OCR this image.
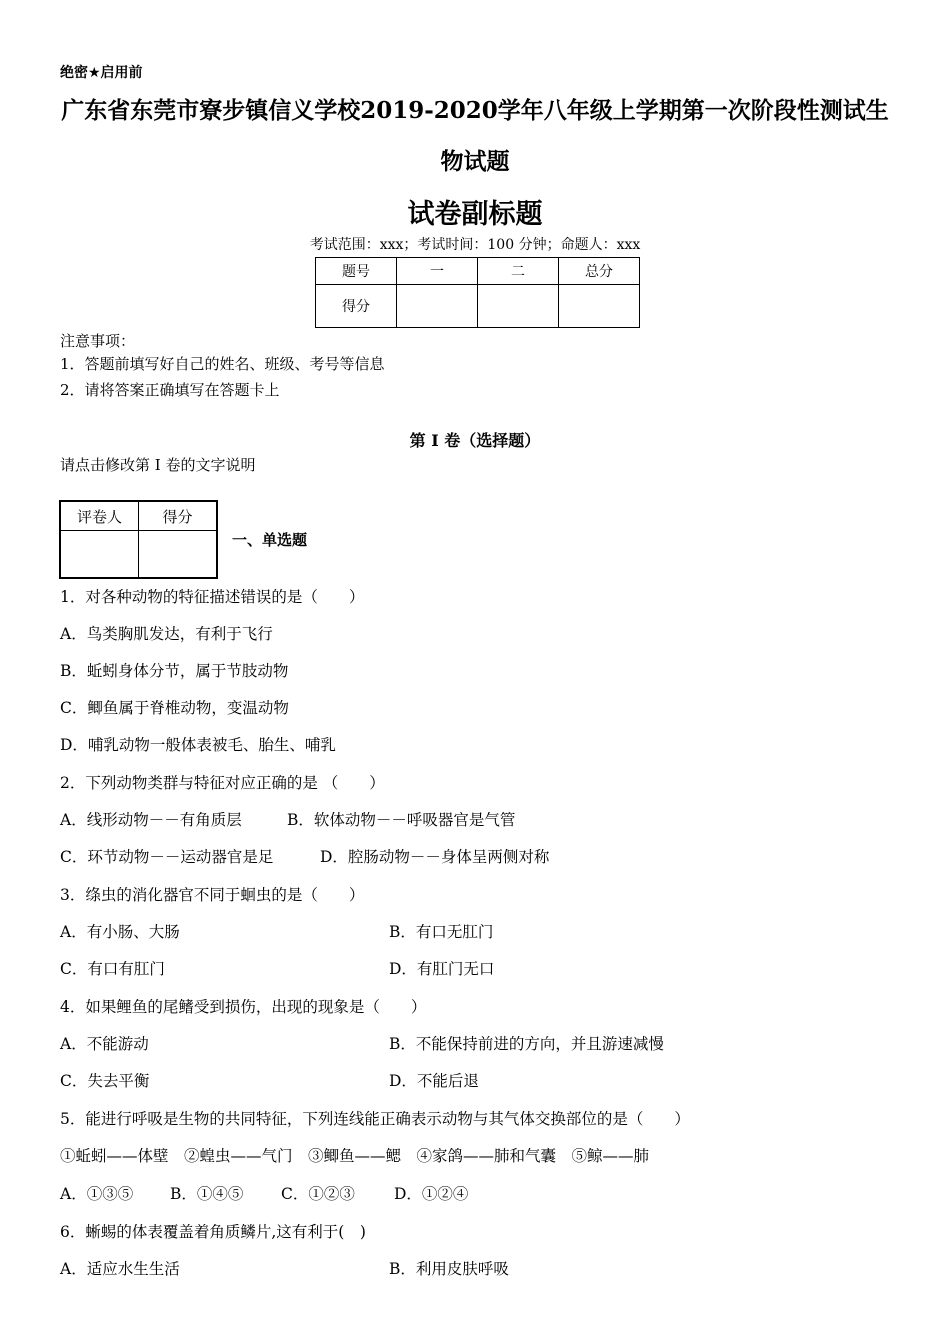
绝密★启用前
广东省东莞市寮步镇信义学校2019-2020学年八年级上学期第一次阶段性测试生
物试题
试卷副标题
考试范围：xxx；考试时间：100 分钟；命题人：xxx
题号	一	二	总分
得分			
注意事项：
1．答题前填写好自己的姓名、班级、考号等信息
2．请将答案正确填写在答题卡上
第 I 卷（选择题）
请点击修改第 I 卷的文字说明
评卷人	得分

一、单选题
1．对各种动物的特征描述错误的是（　　）
A．鸟类胸肌发达，有利于飞行
B．蚯蚓身体分节，属于节肢动物
C．鲫鱼属于脊椎动物，变温动物
D．哺乳动物一般体表被毛、胎生、哺乳
2．下列动物类群与特征对应正确的是 （　　）
A．线形动物－－有角质层	B．软体动物－－呼吸器官是气管
C．环节动物－－运动器官是足	D．腔肠动物－－身体呈两侧对称
3．绦虫的消化器官不同于蛔虫的是（　　）
A．有小肠、大肠	B．有口无肛门
C．有口有肛门	D．有肛门无口
4．如果鲤鱼的尾鳍受到损伤，出现的现象是（　　）
A．不能游动	B．不能保持前进的方向，并且游速减慢
C．失去平衡	D．不能后退
5．能进行呼吸是生物的共同特征，下列连线能正确表示动物与其气体交换部位的是（　　）
①蚯蚓——体壁　②蝗虫——气门　③鲫鱼——鳃　④家鸽——肺和气囊　⑤鲸——肺
A．①③⑤ B．①④⑤ C．①②③	D．①②④
6．蜥蜴的体表覆盖着角质鳞片,这有利于(　)
A．适应水生生活	B．利用皮肤呼吸
